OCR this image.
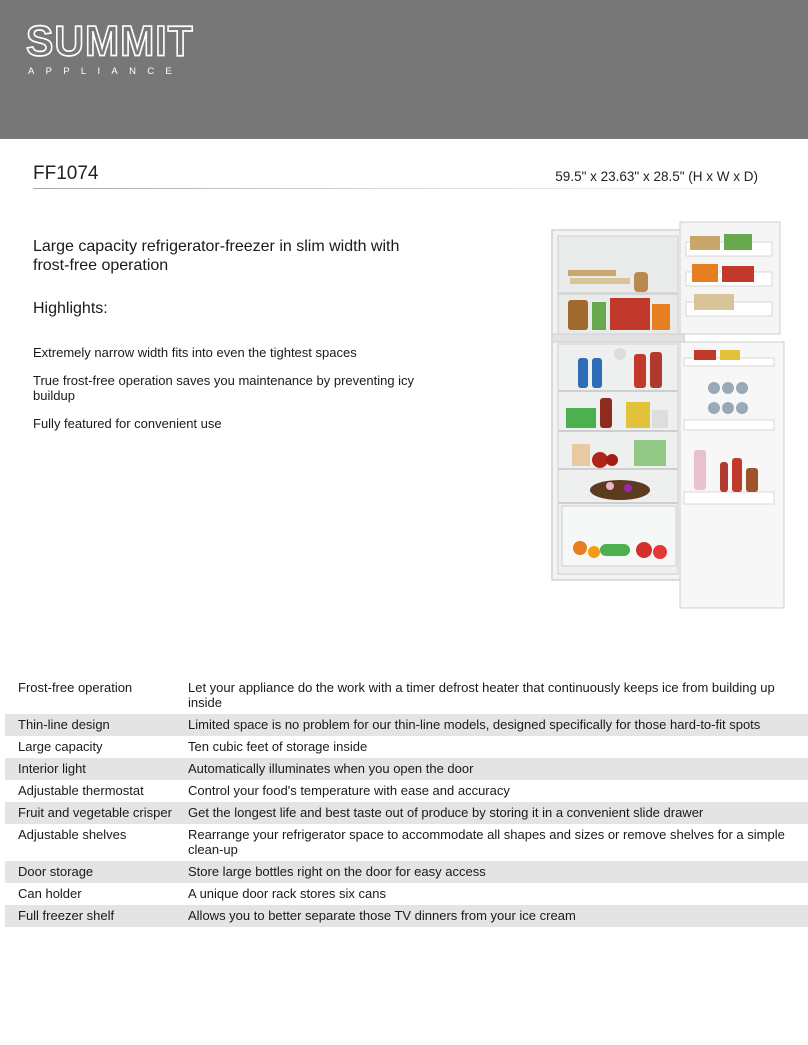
SUMMIT
APPLIANCE
FF1074	59.5" x 23.63" x 28.5" (H x W x D)
Large capacity refrigerator-freezer in slim width with frost-free operation
Highlights:
Extremely narrow width fits into even the tightest spaces
True frost-free operation saves you maintenance by preventing icy buildup
Fully featured for convenient use
Frost-free operation	Let your appliance do the work with a timer defrost heater that continuously keeps ice from building up inside
Thin-line design	Limited space is no problem for our thin-line models, designed specifically for those hard-to-fit spots
Large capacity	Ten cubic feet of storage inside
Interior light	Automatically illuminates when you open the door
Adjustable thermostat	Control your food's temperature with ease and accuracy
Fruit and vegetable crisper	Get the longest life and best taste out of produce by storing it in a convenient slide drawer
Adjustable shelves	Rearrange your refrigerator space to accommodate all shapes and sizes or remove shelves for a simple clean-up
Door storage	Store large bottles right on the door for easy access
Can holder	A unique door rack stores six cans
Full freezer shelf	Allows you to better separate those TV dinners from your ice cream
